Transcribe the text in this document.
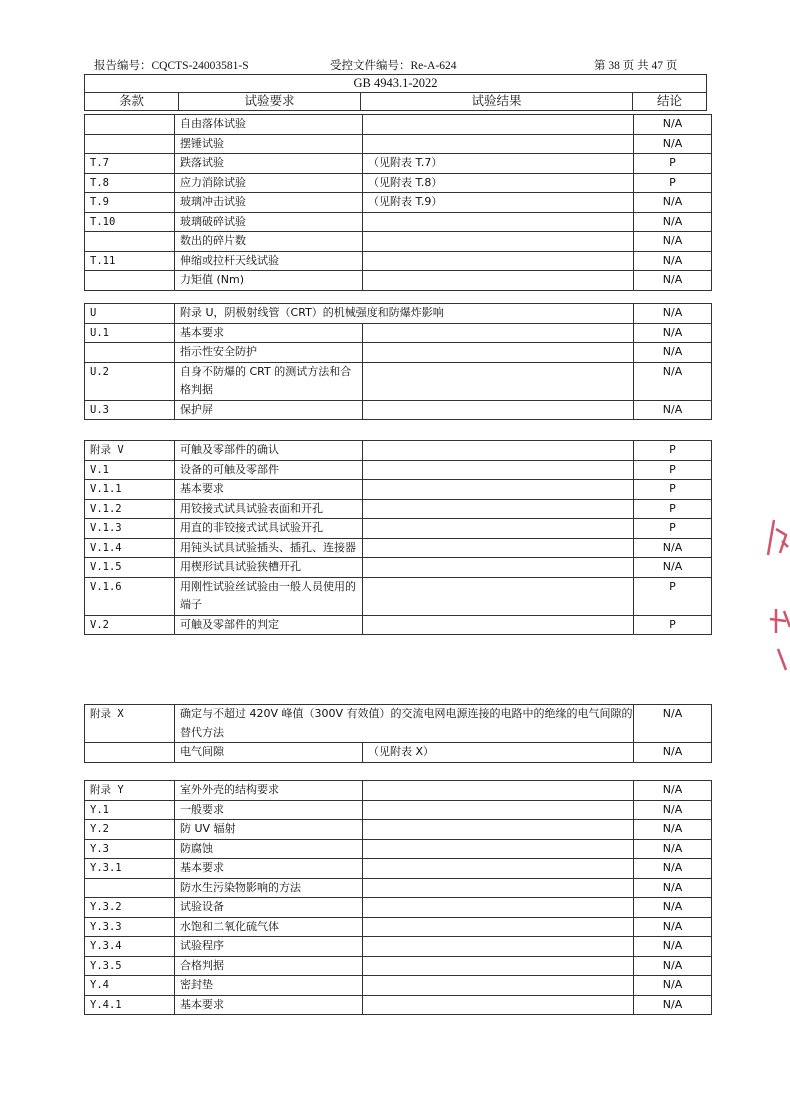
报告编号：CQCTS-24003581-S	受控文件编号：Re-A-624	第 38 页 共 47 页
GB 4943.1-2022
条款	试验要求	试验结果	结论
	自由落体试验		N/A
	摆锤试验		N/A
T.7	跌落试验	（见附表 T.7）	P
T.8	应力消除试验	（见附表 T.8）	P
T.9	玻璃冲击试验	（见附表 T.9）	N/A
T.10	玻璃破碎试验		N/A
	数出的碎片数		N/A
T.11	伸缩或拉杆天线试验		N/A
	力矩值 (Nm)		N/A
U	附录 U，阴极射线管（CRT）的机械强度和防爆炸影响		N/A
U.1	基本要求		N/A
	指示性安全防护		N/A
U.2	自身不防爆的 CRT 的测试方法和合格判据		N/A
U.3	保护屏		N/A
附录 V	可触及零部件的确认		P
V.1	设备的可触及零部件		P
V.1.1	基本要求		P
V.1.2	用铰接式试具试验表面和开孔		P
V.1.3	用直的非铰接式试具试验开孔		P
V.1.4	用钝头试具试验插头、插孔、连接器		N/A
V.1.5	用楔形试具试验狭槽开孔		N/A
V.1.6	用刚性试验丝试验由一般人员使用的端子		P
V.2	可触及零部件的判定		P
附录 X	确定与不超过 420V 峰值（300V 有效值）的交流电网电源连接的电路中的绝缘的电气间隙的替代方法		N/A
	电气间隙	（见附表 X）	N/A
附录 Y	室外外壳的结构要求		N/A
Y.1	一般要求		N/A
Y.2	防 UV 辐射		N/A
Y.3	防腐蚀		N/A
Y.3.1	基本要求		N/A
	防水生污染物影响的方法		N/A
Y.3.2	试验设备		N/A
Y.3.3	水饱和二氧化硫气体		N/A
Y.3.4	试验程序		N/A
Y.3.5	合格判据		N/A
Y.4	密封垫		N/A
Y.4.1	基本要求		N/A
